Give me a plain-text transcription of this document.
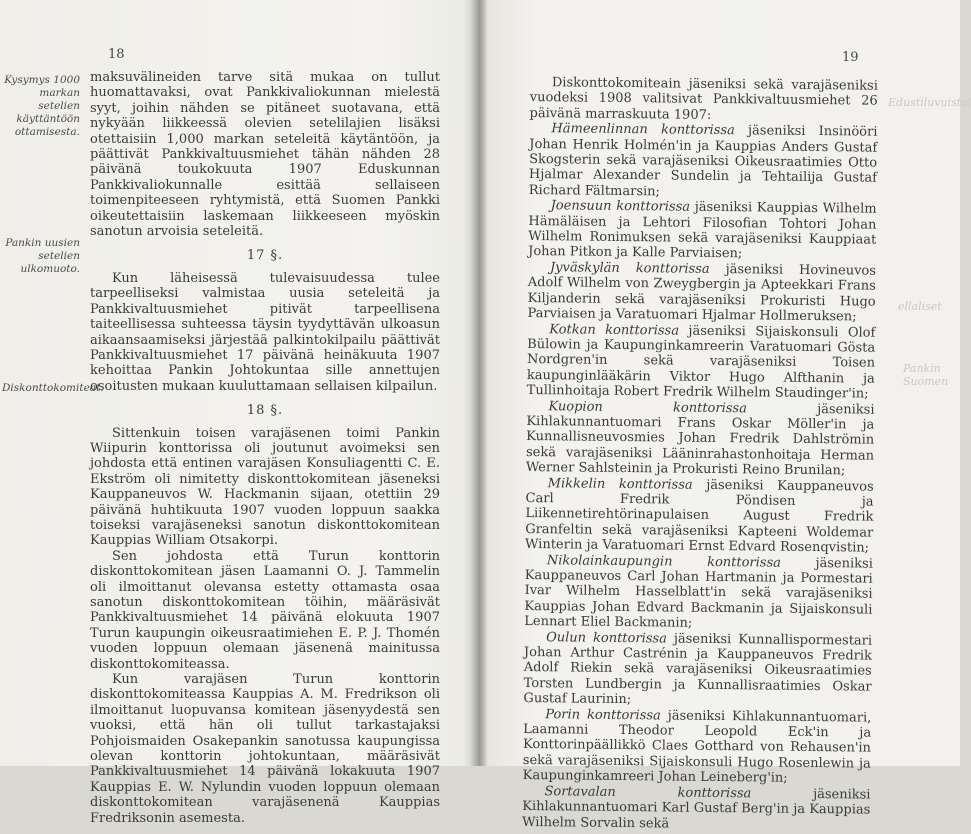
18
Kysymys 1000 markan setelien käyttäntöön ottamisesta.
Pankin uusien setelien ulkomuoto.
Diskonttokomiteat.

maksuvälineiden tarve sitä mukaa on tullut huomattavaksi, ovat Pankkivaliokunnan mielestä syyt, joihin nähden se pitäneet suotavana, että nykyään liikkeessä olevien setelilajien lisäksi otettaisiin 1,000 markan seteleitä käytäntöön, ja päättivät Pankkivaltuusmiehet tähän nähden 28 päivänä toukokuuta 1907 Eduskunnan Pankkivaliokunnalle esittää sellaiseen toimenpiteeseen ryhtymistä, että Suomen Pankki oikeutettaisiin laskemaan liikkeeseen myöskin sanotun arvoisia seteleitä.

17 §.

Kun läheisessä tulevaisuudessa tulee tarpeelliseksi valmistaa uusia seteleitä ja Pankkivaltuusmiehet pitivät tarpeellisena taiteellisessa suhteessa täysin tyydyttävän ulkoasun aikaansaamiseksi järjestää palkintokilpailu päättivät Pankkivaltuusmiehet 17 päivänä heinäkuuta 1907 kehoittaa Pankin Johtokuntaa sille annettujen osoitusten mukaan kuuluttamaan sellaisen kilpailun.

18 §.

Sittenkuin toisen varajäsenen toimi Pankin Wiipurin konttorissa oli joutunut avoimeksi sen johdosta että entinen varajäsen Konsuliagentti C. E. Ekström oli nimitetty diskonttokomitean jäseneksi Kauppaneuvos W. Hackmanin sijaan, otettiin 29 päivänä huhtikuuta 1907 vuoden loppuun saakka toiseksi varajäseneksi sanotun diskonttokomitean Kauppias William Otsakorpi.

Sen johdosta että Turun konttorin diskonttokomitean jäsen Laamanni O. J. Tammelin oli ilmoittanut olevansa estetty ottamasta osaa sanotun diskonttokomitean töihin, määräsivät Pankkivaltuusmiehet 14 päivänä elokuuta 1907 Turun kaupungin oikeusraatimiehen E. P. J. Thomén vuoden loppuun olemaan jäsenenä mainitussa diskonttokomiteassa.

Kun varajäsen Turun konttorin diskonttokomiteassa Kauppias A. M. Fredrikson oli ilmoittanut luopuvansa komitean jäsenyydestä sen vuoksi, että hän oli tullut tarkastajaksi Pohjoismaiden Osakepankin sanotussa kaupungissa olevan konttorin johtokuntaan, määräsivät Pankkivaltuusmiehet 14 päivänä lokakuuta 1907 Kauppias E. W. Nylundin vuoden loppuun olemaan diskonttokomitean varajäsenenä Kauppias Fredriksonin asemesta.

19

Diskonttokomiteain jäseniksi sekä varajäseniksi vuodeksi 1908 valitsivat Pankkivaltuusmiehet 26 päivänä marraskuuta 1907:

Hämeenlinnan konttorissa jäseniksi Insinööri Johan Henrik Holmén'in ja Kauppias Anders Gustaf Skogsterin sekä varajäseniksi Oikeusraatimies Otto Hjalmar Alexander Sundelin ja Tehtailija Gustaf Richard Fältmarsin;

Joensuun konttorissa jäseniksi Kauppias Wilhelm Hämäläisen ja Lehtori Filosofian Tohtori Johan Wilhelm Ronimuksen sekä varajäseniksi Kauppiaat Johan Pitkon ja Kalle Parviaisen;

Jyväskylän konttorissa jäseniksi Hovineuvos Adolf Wilhelm von Zweygbergin ja Apteekkari Frans Kiljanderin sekä varajäseniksi Prokuristi Hugo Parviaisen ja Varatuomari Hjalmar Hollmeruksen;

Kotkan konttorissa jäseniksi Sijaiskonsuli Olof Bülowin ja Kaupunginkamreerin Varatuomari Gösta Nordgren'in sekä varajäseniksi Toisen kaupunginlääkärin Viktor Hugo Alfthanin ja Tullinhoitaja Robert Fredrik Wilhelm Staudinger'in;

Kuopion konttorissa jäseniksi Kihlakunnantuomari Frans Oskar Möller'in ja Kunnallisneuvosmies Johan Fredrik Dahlströmin sekä varajäseniksi Lääninrahastonhoitaja Herman Werner Sahlsteinin ja Prokuristi Reino Brunilan;

Mikkelin konttorissa jäseniksi Kauppaneuvos Carl Fredrik Pöndisen ja Liikennetirehtörinapulaisen August Fredrik Granfeltin sekä varajäseniksi Kapteeni Woldemar Winterin ja Varatuomari Ernst Edvard Rosenqvistin;

Nikolainkaupungin konttorissa jäseniksi Kauppaneuvos Carl Johan Hartmanin ja Pormestari Ivar Wilhelm Hasselblatt'in sekä varajäseniksi Kauppias Johan Edvard Backmanin ja Sijaiskonsuli Lennart Eliel Backmanin;

Oulun konttorissa jäseniksi Kunnallispormestari Johan Arthur Castrénin ja Kauppaneuvos Fredrik Adolf Riekin sekä varajäseniksi Oikeusraatimies Torsten Lundbergin ja Kunnallisraatimies Oskar Gustaf Laurinin;

Porin konttorissa jäseniksi Kihlakunnantuomari, Laamanni Theodor Leopold Eck'in ja Konttorinpäällikkö Claes Gotthard von Rehausen'in sekä varajäseniksi Sijaiskonsuli Hugo Rosenlewin ja Kaupunginkamreeri Johan Leineberg'in;

Sortavalan konttorissa jäseniksi Kihlakunnantuomari Karl Gustaf Berg'in ja Kauppias Wilhelm Sorvalin sekä

Edustiluvuistal
ellaliset
Pankin
Suomen
